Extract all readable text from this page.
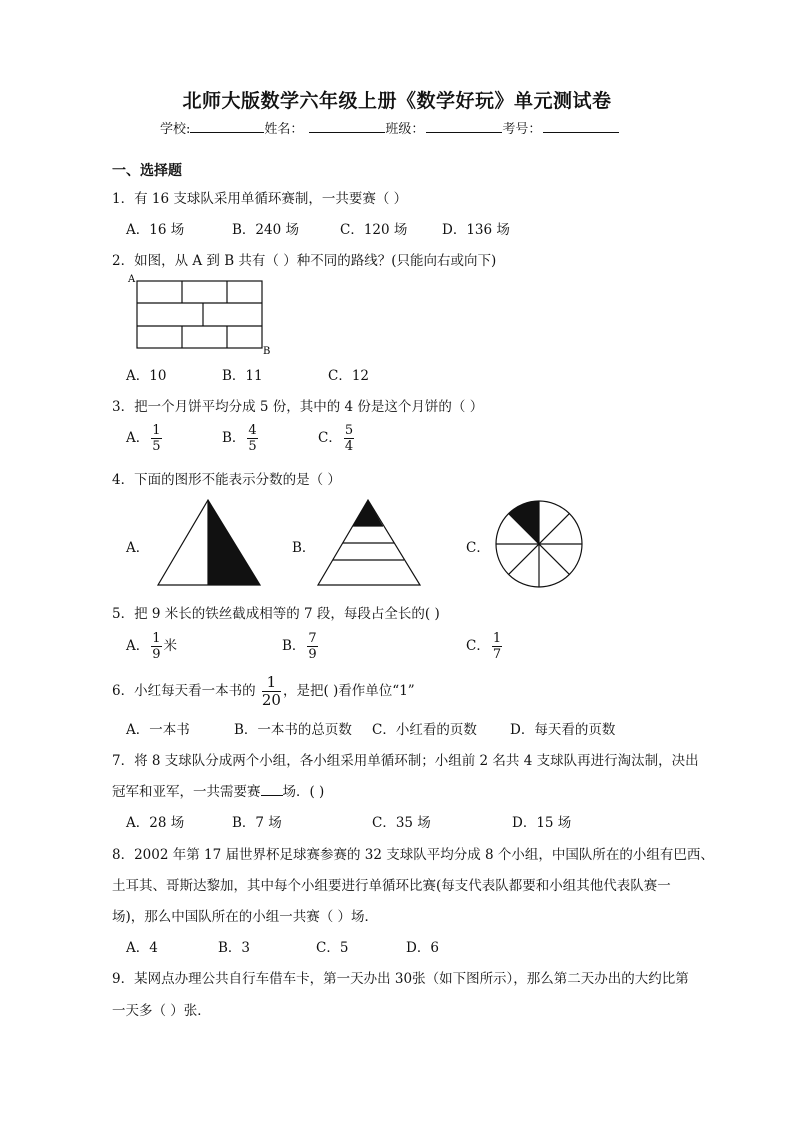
北师大版数学六年级上册《数学好玩》单元测试卷
学校:	姓名：	班级：	考号：
一、选择题
1．有 16 支球队采用单循环赛制，一共要赛（ ）
A．16 场	B．240 场	C．120 场	D．136 场
2．如图，从 A 到 B 共有（ ）种不同的路线？(只能向右或向下)
A
B
A．10	B．11	C．12
3．把一个月饼平均分成 5 份，其中的 4 份是这个月饼的（ ）
A． $\frac{1}{5}$	B． $\frac{4}{5}$	C． $\frac{5}{4}$
4．下面的图形不能表示分数的是（ ）
A．	B．	C．
5．把 9 米长的铁丝截成相等的 7 段，每段占全长的( )
A． $\frac{1}{9}$ 米	B． $\frac{7}{9}$	C． $\frac{1}{7}$
6．小红每天看一本书的 $\frac{1}{20}$ ，是把( )看作单位“1”
A．一本书	B．一本书的总页数 C．小红看的页数 D．每天看的页数
7．将 8 支球队分成两个小组，各小组采用单循环制；小组前 2 名共 4 支球队再进行淘汰制，决出
冠军和亚军，一共需要赛 场．( )
A．28 场	B．7 场	C．35 场	D．15 场
8．2002 年第 17 届世界杯足球赛参赛的 32 支球队平均分成 8 个小组，中国队所在的小组有巴西、
土耳其、哥斯达黎加，其中每个小组要进行单循环比赛(每支代表队都要和小组其他代表队赛一
场)，那么中国队所在的小组一共赛（ ）场．
A．4	B．3	C．5	D．6
9．某网点办理公共自行车借车卡，第一天办出 30张（如下图所示），那么第二天办出的大约比第
一天多（ ）张．
